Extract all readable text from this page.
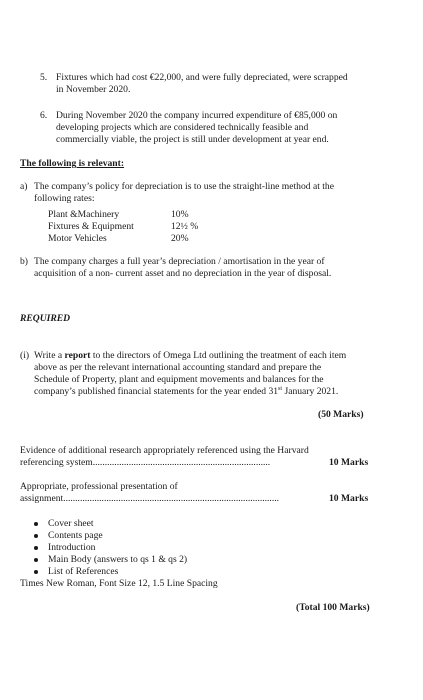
5. Fixtures which had cost €22,000, and were fully depreciated, were scrapped
in November 2020.
6. During November 2020 the company incurred expenditure of €85,000 on
developing projects which are considered technically feasible and
commercially viable, the project is still under development at year end.
The following is relevant:
a) The company’s policy for depreciation is to use the straight-line method at the
following rates:
Plant &Machinery	10%
Fixtures & Equipment	12½ %
Motor Vehicles	20%
b) The company charges a full year’s depreciation / amortisation in the year of
acquisition of a non- current asset and no depreciation in the year of disposal.
REQUIRED
(i) Write a report to the directors of Omega Ltd outlining the treatment of each item
above as per the relevant international accounting standard and prepare the
Schedule of Property, plant and equipment movements and balances for the
company’s published financial statements for the year ended 31st January 2021.
(50 Marks)
Evidence of additional research appropriately referenced using the Harvard
referencing system..........................................................................	10 Marks
Appropriate, professional presentation of
assignment..........................................................................................	10 Marks
Cover sheet
Contents page
Introduction
Main Body (answers to qs 1 & qs 2)
List of References
Times New Roman, Font Size 12, 1.5 Line Spacing
(Total 100 Marks)
